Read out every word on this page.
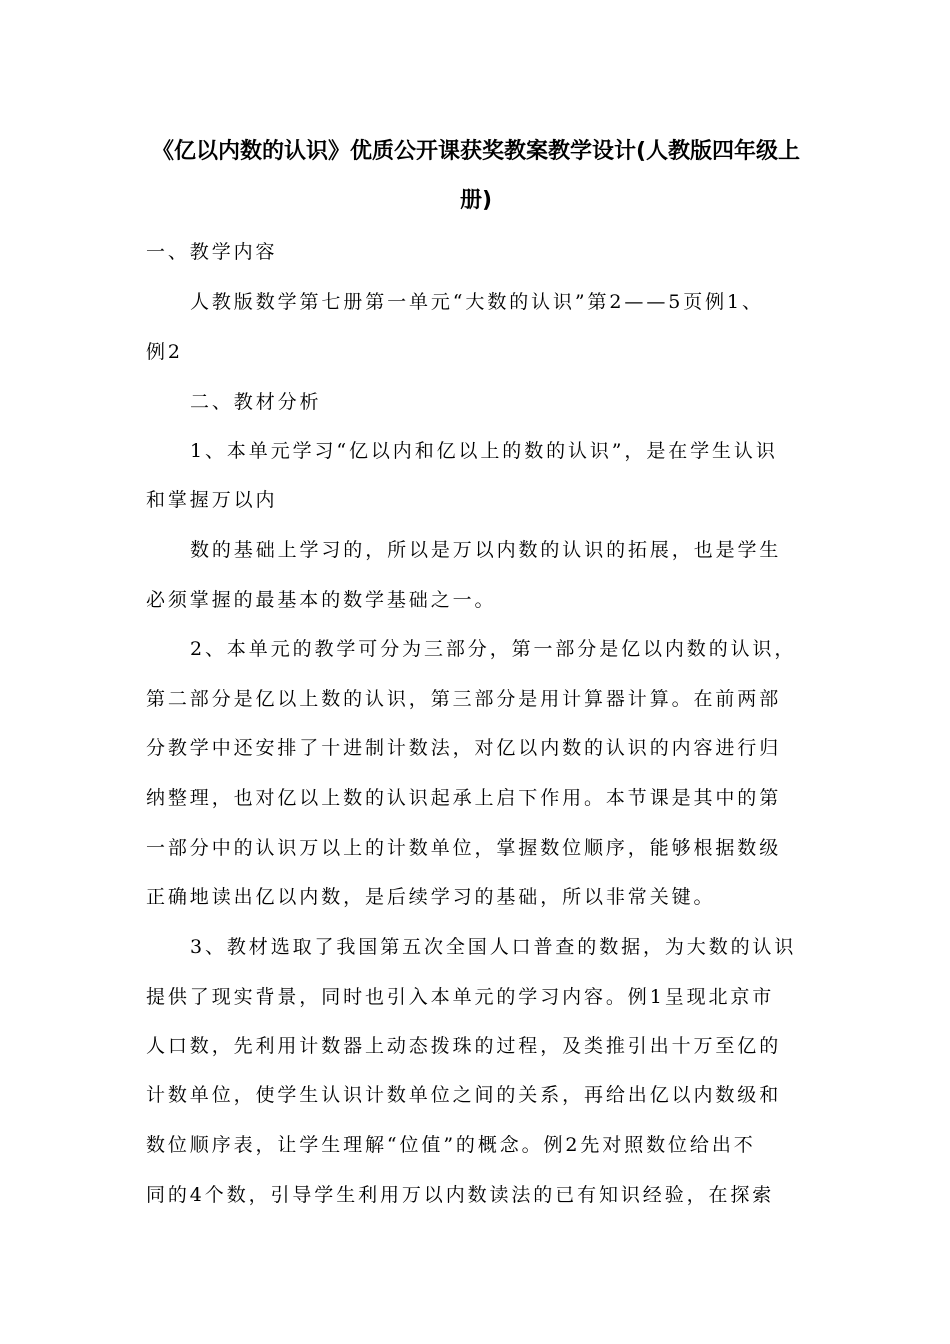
《亿以内数的认识》优质公开课获奖教案教学设计(人教版四年级上
册)
一、教学内容
人教版数学第七册第一单元“大数的认识”第2——5页例1、
例2
二、教材分析
1、本单元学习“亿以内和亿以上的数的认识”，是在学生认识
和掌握万以内
数的基础上学习的，所以是万以内数的认识的拓展，也是学生
必须掌握的最基本的数学基础之一。
2、本单元的教学可分为三部分，第一部分是亿以内数的认识，
第二部分是亿以上数的认识，第三部分是用计算器计算。在前两部
分教学中还安排了十进制计数法，对亿以内数的认识的内容进行归
纳整理，也对亿以上数的认识起承上启下作用。本节课是其中的第
一部分中的认识万以上的计数单位，掌握数位顺序，能够根据数级
正确地读出亿以内数，是后续学习的基础，所以非常关键。
3、教材选取了我国第五次全国人口普查的数据，为大数的认识
提供了现实背景，同时也引入本单元的学习内容。例1呈现北京市
人口数，先利用计数器上动态拨珠的过程，及类推引出十万至亿的
计数单位，使学生认识计数单位之间的关系，再给出亿以内数级和
数位顺序表，让学生理解“位值”的概念。例2先对照数位给出不
同的4个数，引导学生利用万以内数读法的已有知识经验，在探索
